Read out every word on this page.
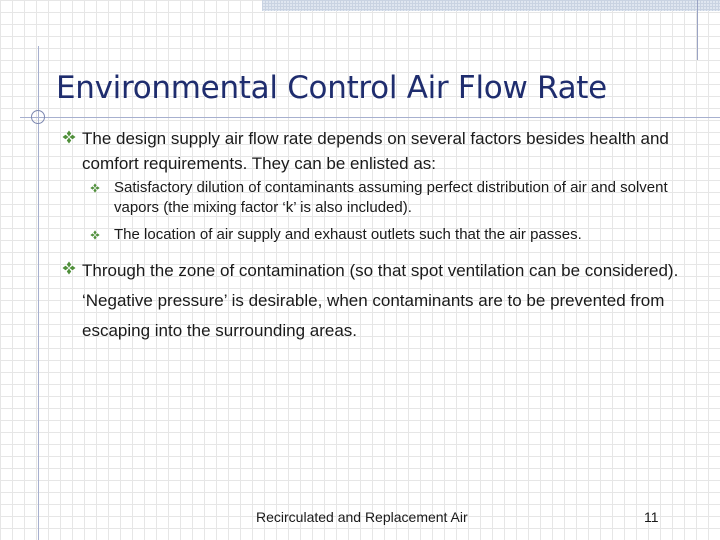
Environmental Control Air Flow Rate

The design supply air flow rate depends on several factors besides health and comfort requirements. They can be enlisted as:

Satisfactory dilution of contaminants assuming perfect distribution of air and solvent vapors (the mixing factor ‘k’ is also included).

The location of air supply and exhaust outlets such that the air passes.

Through the zone of contamination (so that spot ventilation can be considered). ‘Negative pressure’ is desirable, when contaminants are to be prevented from escaping into the surrounding areas.

Recirculated and Replacement Air	11
